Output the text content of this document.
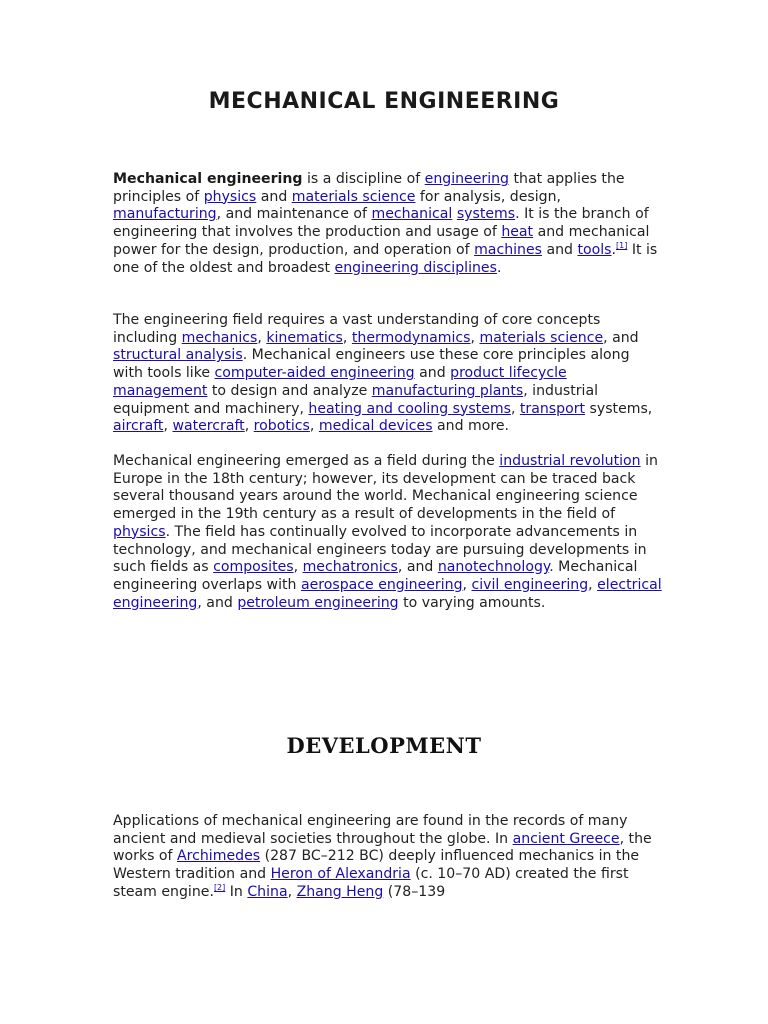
MECHANICAL ENGINEERING

Mechanical engineering is a discipline of engineering that applies the principles of physics and materials science for analysis, design, manufacturing, and maintenance of mechanical systems. It is the branch of engineering that involves the production and usage of heat and mechanical power for the design, production, and operation of machines and tools.[1] It is one of the oldest and broadest engineering disciplines.

The engineering field requires a vast understanding of core concepts including mechanics, kinematics, thermodynamics, materials science, and structural analysis. Mechanical engineers use these core principles along with tools like computer-aided engineering and product lifecycle management to design and analyze manufacturing plants, industrial equipment and machinery, heating and cooling systems, transport systems, aircraft, watercraft, robotics, medical devices and more.

Mechanical engineering emerged as a field during the industrial revolution in Europe in the 18th century; however, its development can be traced back several thousand years around the world. Mechanical engineering science emerged in the 19th century as a result of developments in the field of physics. The field has continually evolved to incorporate advancements in technology, and mechanical engineers today are pursuing developments in such fields as composites, mechatronics, and nanotechnology. Mechanical engineering overlaps with aerospace engineering, civil engineering, electrical engineering, and petroleum engineering to varying amounts.

DEVELOPMENT

Applications of mechanical engineering are found in the records of many ancient and medieval societies throughout the globe. In ancient Greece, the works of Archimedes (287 BC–212 BC) deeply influenced mechanics in the Western tradition and Heron of Alexandria (c. 10–70 AD) created the first steam engine.[2] In China, Zhang Heng (78–139
